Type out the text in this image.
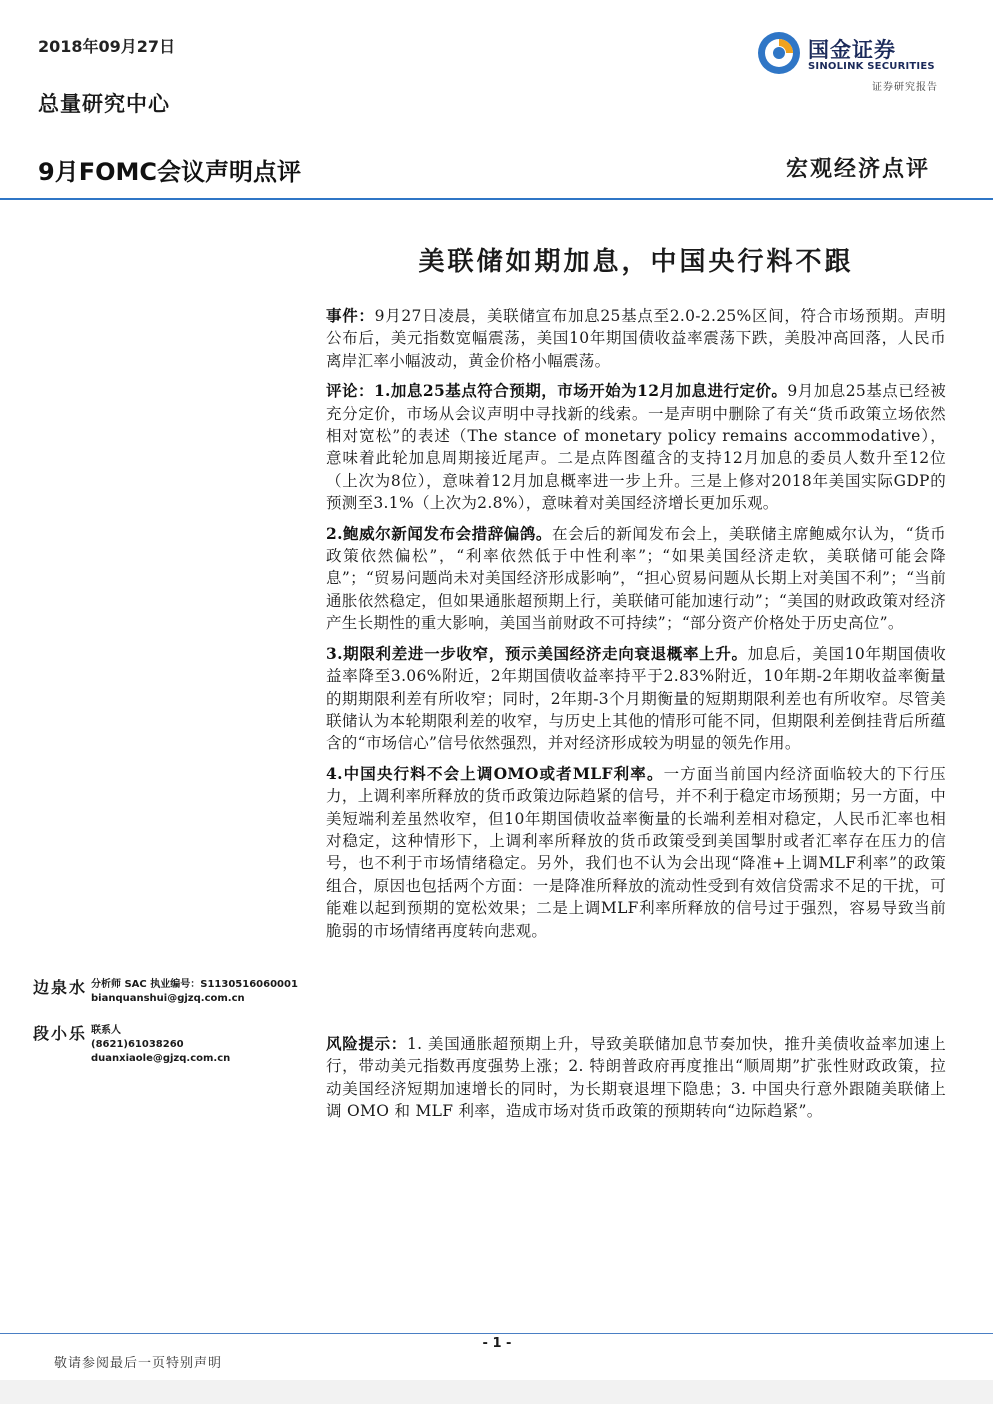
2018年09月27日
总量研究中心
国金证券
SINOLINK SECURITIES
证券研究报告
9月FOMC会议声明点评	宏观经济点评
美联储如期加息，中国央行料不跟

事件：9月27日凌晨，美联储宣布加息25基点至2.0-2.25%区间，符合市场预期。声明公布后，美元指数宽幅震荡，美国10年期国债收益率震荡下跌，美股冲高回落，人民币离岸汇率小幅波动，黄金价格小幅震荡。

评论：1.加息25基点符合预期，市场开始为12月加息进行定价。9月加息25基点已经被充分定价，市场从会议声明中寻找新的线索。一是声明中删除了有关“货币政策立场依然相对宽松”的表述（The stance of monetary policy remains accommodative），意味着此轮加息周期接近尾声。二是点阵图蕴含的支持12月加息的委员人数升至12位（上次为8位），意味着12月加息概率进一步上升。三是上修对2018年美国实际GDP的预测至3.1%（上次为2.8%），意味着对美国经济增长更加乐观。

2.鲍威尔新闻发布会措辞偏鸽。在会后的新闻发布会上，美联储主席鲍威尔认为，“货币政策依然偏松”，“利率依然低于中性利率”；“如果美国经济走软，美联储可能会降息”；“贸易问题尚未对美国经济形成影响”，“担心贸易问题从长期上对美国不利”；“当前通胀依然稳定，但如果通胀超预期上行，美联储可能加速行动”；“美国的财政政策对经济产生长期性的重大影响，美国当前财政不可持续”；“部分资产价格处于历史高位”。

3.期限利差进一步收窄，预示美国经济走向衰退概率上升。加息后，美国10年期国债收益率降至3.06%附近，2年期国债收益率持平于2.83%附近，10年期-2年期收益率衡量的期期限利差有所收窄；同时，2年期-3个月期衡量的短期期限利差也有所收窄。尽管美联储认为本轮期限利差的收窄，与历史上其他的情形可能不同，但期限利差倒挂背后所蕴含的“市场信心”信号依然强烈，并对经济形成较为明显的领先作用。

4.中国央行料不会上调OMO或者MLF利率。一方面当前国内经济面临较大的下行压力，上调利率所释放的货币政策边际趋紧的信号，并不利于稳定市场预期；另一方面，中美短端利差虽然收窄，但10年期国债收益率衡量的长端利差相对稳定，人民币汇率也相对稳定，这种情形下，上调利率所释放的货币政策受到美国掣肘或者汇率存在压力的信号，也不利于市场情绪稳定。另外，我们也不认为会出现“降准+上调MLF利率”的政策组合，原因也包括两个方面：一是降准所释放的流动性受到有效信贷需求不足的干扰，可能难以起到预期的宽松效果；二是上调MLF利率所释放的信号过于强烈，容易导致当前脆弱的市场情绪再度转向悲观。

边泉水 分析师 SAC 执业编号：S1130516060001
bianquanshui@gjzq.com.cn
段小乐 联系人
(8621)61038260
duanxiaole@gjzq.com.cn

风险提示：1. 美国通胀超预期上升，导致美联储加息节奏加快，推升美债收益率加速上行，带动美元指数再度强势上涨；2. 特朗普政府再度推出“顺周期”扩张性财政政策，拉动美国经济短期加速增长的同时，为长期衰退埋下隐患；3. 中国央行意外跟随美联储上调 OMO 和 MLF 利率，造成市场对货币政策的预期转向“边际趋紧”。

- 1 -
敬请参阅最后一页特别声明
